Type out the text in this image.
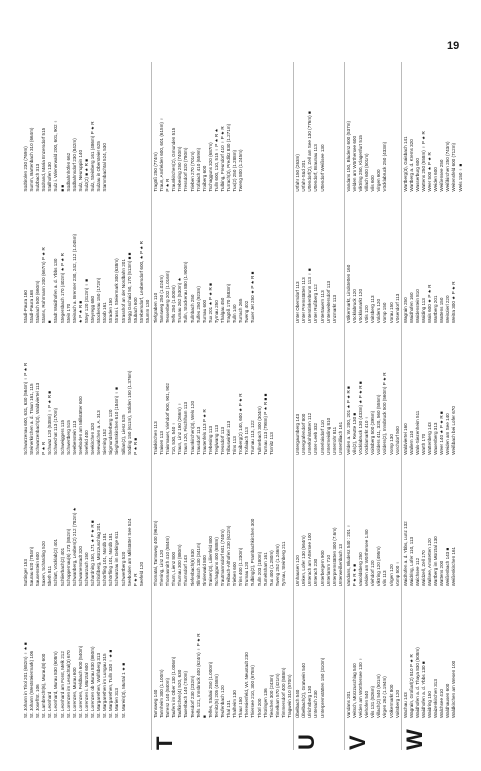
19
St. Johann in Tirol 201 (682m) ♀ ★ ■ St. Johann (Weststeiermark) 106 St. Josef/St. 106 St. Lambrecht(6), Murau(8) 600 St. Leonhard St. Leonhard, Murau 830 (608m) St. Leonhard am Forst, Melk 212 St. Lorenzen im Lesachtal(3) 670 St. Lorenzen, Murau 600 St. Lorenzen, Feldbach 600 (540m) St. Lorenzen i. Mürztal 600 St. Lorenzen ob Murau 830 (860m) St. Margarethen, Wolfsberg 313 St. Margarethen im Lungau 315 St. Margarethen, Tulln 330 ♀ ★ ■ St. Marien 313 St. Marein(3), Murtal 1 ★ ■
Suttinger 153 Saurau 620 (784m) Sausenstein 600 Saxen, Schärding 520 Sbeth 811 Schlatt, Vöcklab(2) 401 Schlierbach(2) 401 Schoppernau(6) 173 (852m) Schwanberg, Leoben(2) 212 (782m) ★ Schwanenstadt 320 Schwarzach 150 Schardning 150, 171 ★ P ★ R ■ Schloßberg, Mürzzuschlag 201 Schörfling 101, Nordb 181 Schörfling 101, Nordb 181 Schwarzau im Gebirge 611 Schwertberg 520 Seeboden am Millstätter See 524 P ★ R Seefeld 120
Schwarzenau 600, 631, 630 (564m) ♀ P ★ R Steinerkirchen a. d. Traun 161, 115 Schwarzenbach(3), Waldviertel 113 P ★ R Schwaz 120 (538m) ♀ P ★ R ■ Schwechat 113 (170m) Schweiggers 115 Schwertberg 515 Seebenstein 113 Seeboden am Millstätter 600 Seefeld 400 Seekirchen 320 Seewalchen a. A. 313 Sierning 152 Sigmundsherberg 120 Sieghartskirchen 610 (184m) ♀ ■ Sillian(2), Lienz 525 Söding 150 (611m), Sölden 150 (1.376m) P ★ R ■
Stadl-Paura 160 Stadl-Paura 168 Stainach 500 (660m) Stams, Rohrmann 200 (667m) P ★ R ■ Stadt Waidhofen a. d. Ybbs 130 Stegersbach 170 (402m) ★ P ★ R Stein 170 Steinach a. Brenner 230, 242, 112 (1.045m) ★ P ★ R ■ Steyr 120 (312m) ♀ ■ Steyregg 680 Stockerau 150 (172m) Stoob 161 Straden 150 Strass i. Steiermark 300 (638m) Strasshof an der Nordbahn 201 Stegg Gschaid 50, 170 (513m) ■ ■ Stubach 600 Strebersdorf, Leobersdorf 600, ★ P ★ R Stumm 130
Südtirolen 230 (769m) Summ, Bartenbach 310 (664m) Sulzbach 313 Südrand, Maria Enzersdorf 515 Stallhofen 130 Sulz i. Wienerwald 200, 601, 902 ♀ ■ ■ Südbahnhöfen 662 Südbahnsdorf 230 (842m) Sulz, Neuruppin 140 Sulz(2) ■ ★ R ■ Sulz, Steinberg 161 (486m) P ★ R Sulzau in Obersteier 625 Stammbachtal 524, 530
T
Tamsweg 140 Tannheim 300 (1.100m) Tarrenz 140 (840m) Taufers im Ober 130 (1.006m) Taufkirchen(4) 520, 630 Taxenbach 140 (740m) Teesdorf 230 (232m) Telfs 121, Innsbruck 400 (624m) ♀ P ★ R ■ Telfes, Stubai 250 (1.000m) Ternitz(5) 205 (458m) Teufenbach 120 Thal 131 Thalheim 130 Thaur 150 Theresienfeld, Wr. Neustadt 230 Thiersee 210, 300 (678m) Thörl 200 Thüringen 136 Tieschen 300 (243m) Timelkam 570 (421m) Timmersdorf 400 (588m) Tragwein 310 (570m)
Thomatal, Tamsweg 400 (962m) Thening, Linz 120 Thomasroith 410 (584m) Thurn, Lienz 800 Thurnau 300 (880m) Thurnsdorf 143 Tiefenbach(6) 830 Tillmitsch 130 (341m) Tirolerwald 800 Traisen(3), Lilienfeld 800 Tschagguns 400 (688m) Trautmannsdorf 601 (740m) Treibach-Althofen 230 (622m) Trieben 600 Trins 400 (1.230m) Trumau 120 Tulbing(2), Prambachkirchen 300 Tulln 203 (180m) Tumeltsham 161 Tux 400 (1.280m) Tweng 252 (1.246m) Tyrnau, Steinberg 211
Traiskirchen 113 Traisen 113 Traismauer, Viehdorf 900, 901, 902 710, 530, 540 ♀ Traun, Linz 160 (266m) ♀ Traun 120, Fischlham 113 Traunkirchen(3), Wels 120 Trausdorf 113 Trautenfels 113 P ★ R Trebesing 113 Treglwang 113 Tressdorf 113 Tribuswinkel 113 Trins 113 Troiberg(2) 140, 600 ★ P ★ R Trofaiach 113 Trumau 113, 122 Tullnerbach 300 (304m) Turnau 113 (798m) P ★ R ■ ■ Türnitz 113
Tiefgraben 110 Tamsweg 250 (1.024m) Tessenberg 202 (1.016m) Telfs 250 (1.000m) Trumau 262 (530m) ★ Tulln, Stockerau 880 (1.900m) Tullnbach 250 Tulfes 250 (923m) Turnau 600 Tux 201 ★ P ★ R ■ Tyrnau 250 Thalgau 450 Tragöß 170 (683m) Tulln 140 Turrach 265 Tweng 402 Tuxer Jet 250 ★ P ★ R ■
Tragöß 250 (774m) Traun, Ansfelden 600, 601 (615m) ♀ P ★ R Traunkirchen(2), Gmunden 515 Trebesing 250 (740m) Tressdorf 320 (780m) Trieben 270 (701m) Trofaiach 410 (659m) Troiberg 600 Tschagguns 320 (687m) Tulln 600, 110, 515 ♀ P ★ R ★ Tulbing, Freundorf 410 ♀ P ★ R Turrach(3), Predlitz 830 (1.271m) Tux(2) 250 (1.288m) Tweng 800 (1.245m)
U
Übelbach 540 Übelbach(2), Gratwein 540 Ulrichsberg 130 Unterach 230 Unterpremstätten 150 (310m)
Umhausen 120 Unken, Lofer 130 (564m) Unterach am Attersee 100 Unterach 230 Unterbergern 900 Unterlamm 710 Unterpremstätten 300 (7.6m) Unterweißenbach 13
Untergaumberg 143 Untergrafendorf 800 Unterkohlstätten 112 Unter-Leeb 332 Unterloisdorf 110 Untermeisling 810 Unterrohr 811 Untertilliach 161
Unter Oberndorf 113 Unter Premstätten 113 Unterstinkenbrunn 113 ♀ ■ Unter Rußberg 112 Untertauern 113 Unterweitersdorf 113 Unzmarkt 113
Urfahr 150 (263m) Urfahr-Süd 201 Uttendorf(2), Zell am See 130 (776m) ■ Uttendorf, Braunau 113 Uttendorf Weißsee 130
V
Vandans 201 Veitsch, Mürzzuschlag 540 Velden am Wörthersee 130 ♀ Viehofen 540 Vils 131 (826m) Villach(2) 540 (501m) Virgen 262 (1.194m) Völkermarkt 800 Voitsberg 120
Vandans, Bludenz 540 : 201 ♀ P ★ R ★ ■ Vasoldsberg 250 Velden am Wörthersee 1.80 Viehdorf 120 Viktring 120 (495m) Vils 113 Virgen 120 Vomp 500 ♀
Velden a. W. 200, 201 ★ P ★ R ■ Vils(2), Reutte 130 ■ Vöcklabruck 130 (433m) ★ P ★ R ■ Vöcklamarkt 410 ♀ Voitsberg 500 (395m) Volders 411, 320, 560 (555m) Volders(2), Innsbruck 500 (560m) P ★ R Vomp 130 Vorchdorf 500
Völkermarkt, Lindstetten 160 Vöcklabruck 120 Vöcklamarkt 120 Völs 120 Voitsberg 113 Volders 120 Vomp 150 Vorau 150 Vösendorf 113
Vandans 150, Bludenz 600 (537m) Velden am Wörthersee 600 Viktring 250, Klagenfurt 515 Villach 600 (501m) Vils 600 Virgen 600 Vöcklabruck 250 (433m)
W
Wachau 143 Wagrain, Großarl(2) 810 P ★ R Waidhofen a. d. Thaya 830 (508m) Waidhofen a. d. Ybbs 130 ■ Waidring 150 Waizenkirchen 313 Walchsee 410 Waldhausen 600 Waldkirchen am Wesen 100
Waidhofen a. d. Ybbs, Lunz 132 Waidring, Lofer 110, 113 Walchsee 112 Waldzell, Zell 170 Wallsee, Amstetten 120 Wartberg im Mürztal 130 Wattens 200 Weißenbach 143 ■ Weißenkirchen 161
Waldviertel 160 Wallern 110 Wals-Siezenheim 511 Warth 170 Wattenberg 143 Waxenberg 313 Weer 140 ★ P ★ R ■ Weiden am See 140 Weißbach bei Lofer 670
Wagrain 250 Waidhofen 160 Waldenstein 810 Walding 113 Wals 600 ★ P ★ R Wartberg 201 Wattens 150 Weinzierl 220 Weitra 300 ★ P ★ R
Wartberg(3), Gaisbach 141 Wartberg a. d. Krems 320 Wasserburg 600 Wattens 250 (558m) ♀ P ★ R Weer 500 ★ P ★ R Weiden 600 Weißensee 250 Weißkirchen 250 (743m) Weitensfeld 600 (712m) Wels 150 ♀ ■
